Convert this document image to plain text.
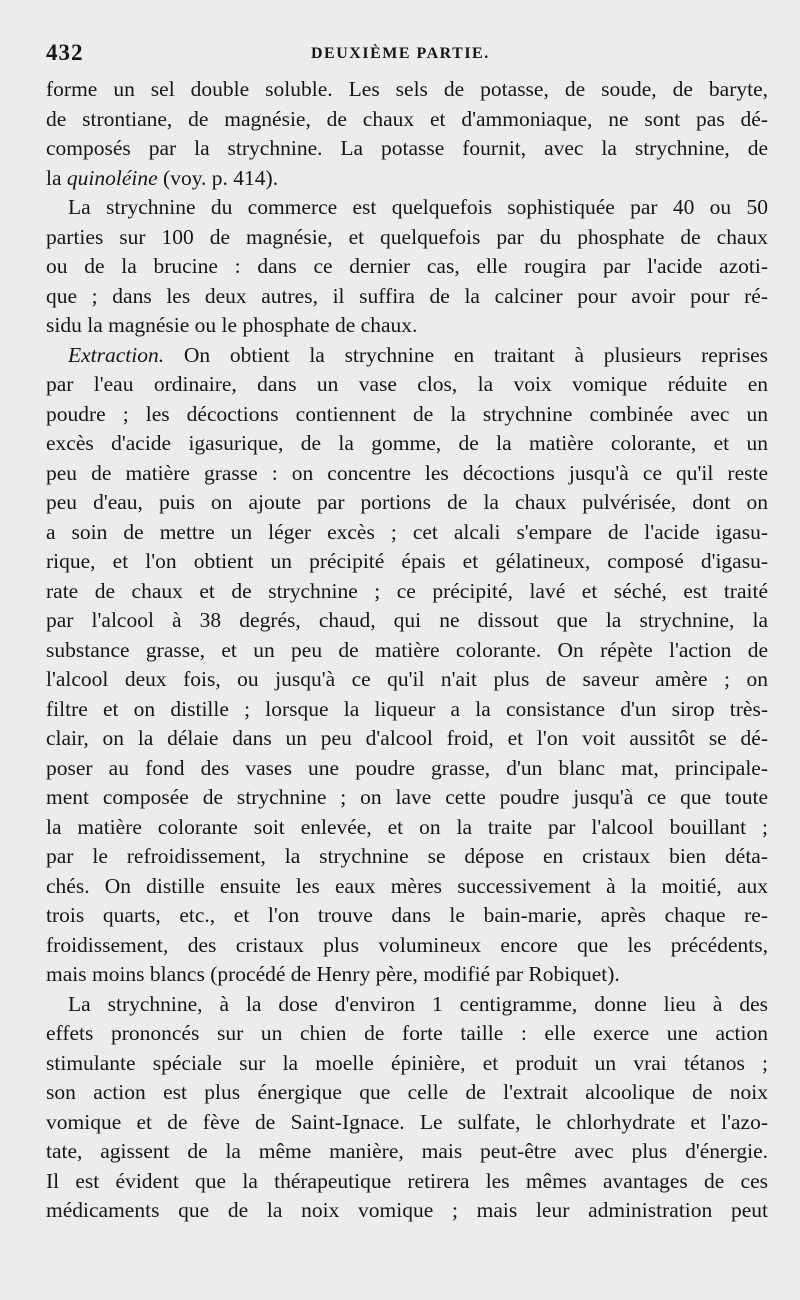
432	DEUXIÈME PARTIE.
forme un sel double soluble. Les sels de potasse, de soude, de baryte,
de strontiane, de magnésie, de chaux et d'ammoniaque, ne sont pas dé-
composés par la strychnine. La potasse fournit, avec la strychnine, de
la quinoléine (voy. p. 414).
La strychnine du commerce est quelquefois sophistiquée par 40 ou 50
parties sur 100 de magnésie, et quelquefois par du phosphate de chaux
ou de la brucine : dans ce dernier cas, elle rougira par l'acide azoti-
que ; dans les deux autres, il suffira de la calciner pour avoir pour ré-
sidu la magnésie ou le phosphate de chaux.
Extraction. On obtient la strychnine en traitant à plusieurs reprises
par l'eau ordinaire, dans un vase clos, la voix vomique réduite en
poudre ; les décoctions contiennent de la strychnine combinée avec un
excès d'acide igasurique, de la gomme, de la matière colorante, et un
peu de matière grasse : on concentre les décoctions jusqu'à ce qu'il reste
peu d'eau, puis on ajoute par portions de la chaux pulvérisée, dont on
a soin de mettre un léger excès ; cet alcali s'empare de l'acide igasu-
rique, et l'on obtient un précipité épais et gélatineux, composé d'igasu-
rate de chaux et de strychnine ; ce précipité, lavé et séché, est traité
par l'alcool à 38 degrés, chaud, qui ne dissout que la strychnine, la
substance grasse, et un peu de matière colorante. On répète l'action de
l'alcool deux fois, ou jusqu'à ce qu'il n'ait plus de saveur amère ; on
filtre et on distille ; lorsque la liqueur a la consistance d'un sirop très-
clair, on la délaie dans un peu d'alcool froid, et l'on voit aussitôt se dé-
poser au fond des vases une poudre grasse, d'un blanc mat, principale-
ment composée de strychnine ; on lave cette poudre jusqu'à ce que toute
la matière colorante soit enlevée, et on la traite par l'alcool bouillant ;
par le refroidissement, la strychnine se dépose en cristaux bien déta-
chés. On distille ensuite les eaux mères successivement à la moitié, aux
trois quarts, etc., et l'on trouve dans le bain-marie, après chaque re-
froidissement, des cristaux plus volumineux encore que les précédents,
mais moins blancs (procédé de Henry père, modifié par Robiquet).
La strychnine, à la dose d'environ 1 centigramme, donne lieu à des
effets prononcés sur un chien de forte taille : elle exerce une action
stimulante spéciale sur la moelle épinière, et produit un vrai tétanos ;
son action est plus énergique que celle de l'extrait alcoolique de noix
vomique et de fève de Saint-Ignace. Le sulfate, le chlorhydrate et l'azo-
tate, agissent de la même manière, mais peut-être avec plus d'énergie.
Il est évident que la thérapeutique retirera les mêmes avantages de ces
médicaments que de la noix vomique ; mais leur administration peut
